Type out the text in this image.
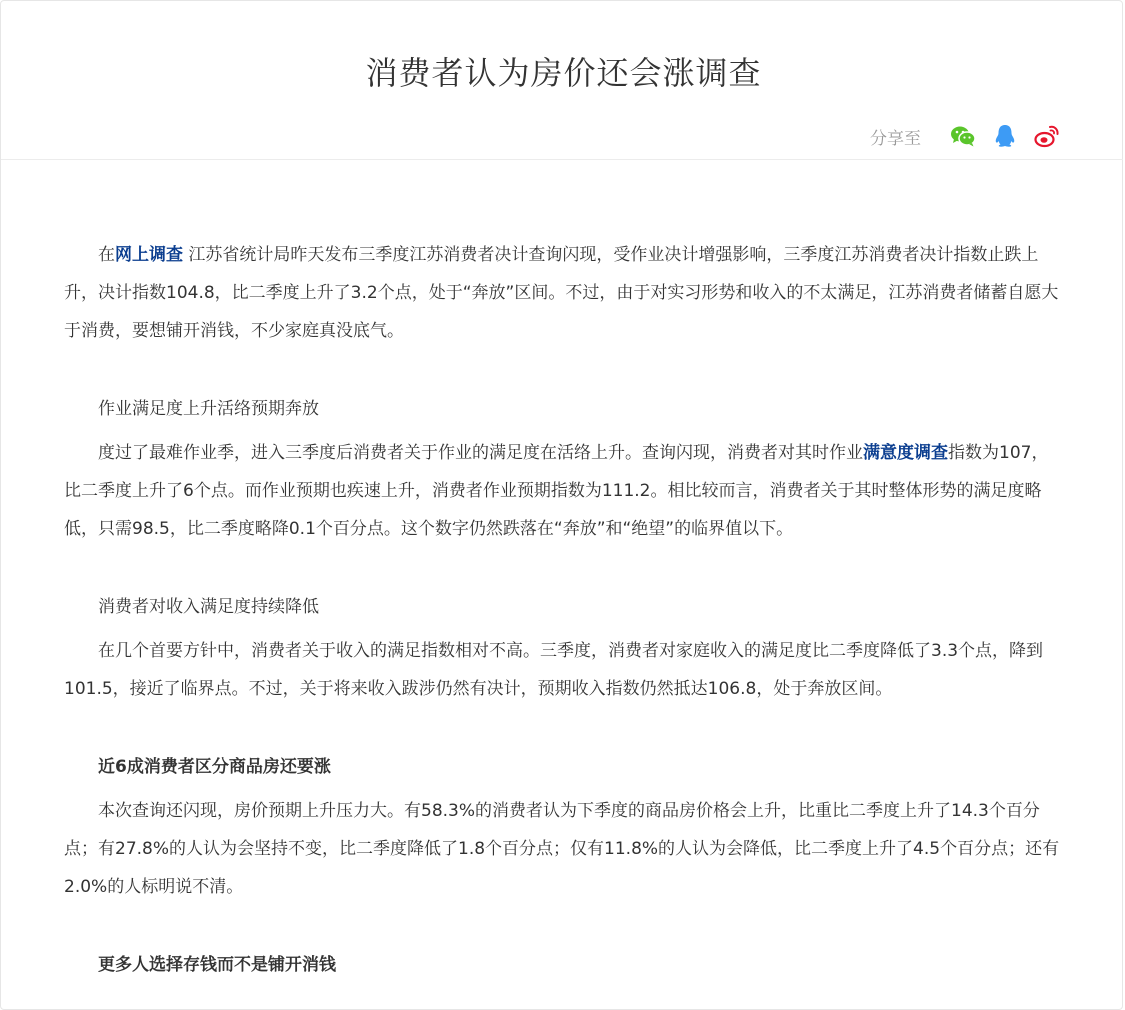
消费者认为房价还会涨调查
分享至

在网上调查 江苏省统计局昨天发布三季度江苏消费者决计查询闪现，受作业决计增强影响，三季度江苏消费者决计指数止跌上升，决计指数104.8，比二季度上升了3.2个点，处于“奔放”区间。不过，由于对实习形势和收入的不太满足，江苏消费者储蓄自愿大于消费，要想铺开消钱，不少家庭真没底气。

作业满足度上升活络预期奔放

度过了最难作业季，进入三季度后消费者关于作业的满足度在活络上升。查询闪现，消费者对其时作业满意度调查指数为107，比二季度上升了6个点。而作业预期也疾速上升，消费者作业预期指数为111.2。相比较而言，消费者关于其时整体形势的满足度略低，只需98.5，比二季度略降0.1个百分点。这个数字仍然跌落在“奔放”和“绝望”的临界值以下。

消费者对收入满足度持续降低

在几个首要方针中，消费者关于收入的满足指数相对不高。三季度，消费者对家庭收入的满足度比二季度降低了3.3个点，降到101.5，接近了临界点。不过，关于将来收入跋涉仍然有决计，预期收入指数仍然抵达106.8，处于奔放区间。

近6成消费者区分商品房还要涨

本次查询还闪现，房价预期上升压力大。有58.3%的消费者认为下季度的商品房价格会上升，比重比二季度上升了14.3个百分点；有27.8%的人认为会坚持不变，比二季度降低了1.8个百分点；仅有11.8%的人认为会降低，比二季度上升了4.5个百分点；还有2.0%的人标明说不清。

更多人选择存钱而不是铺开消钱
